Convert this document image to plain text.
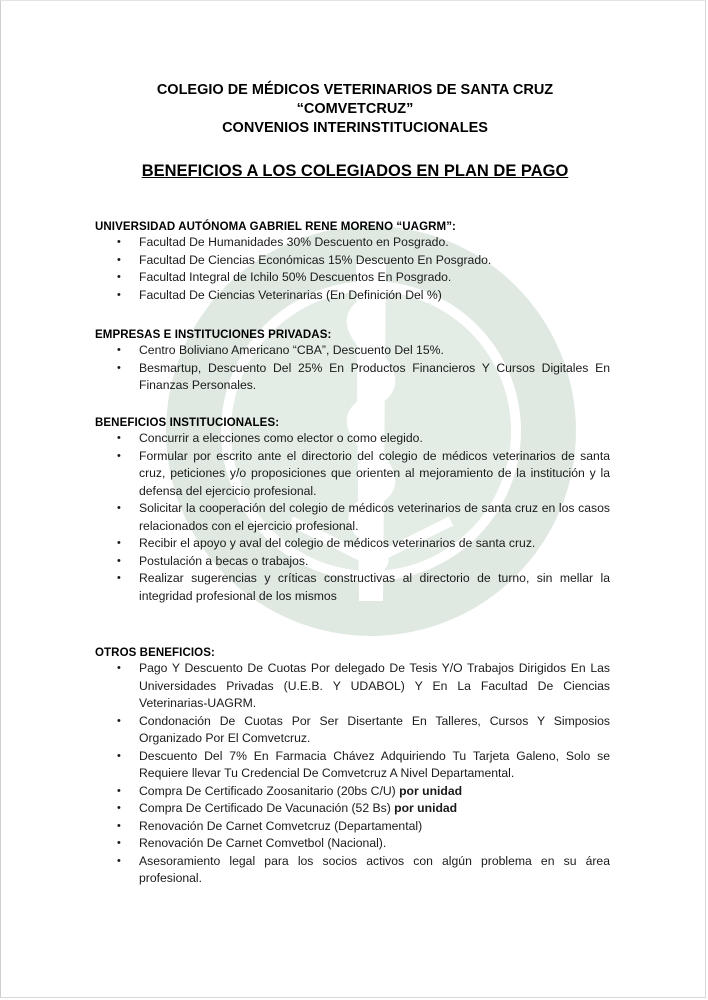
COLEGIO DE MÉDICOS VETERINARIOS DE SANTA CRUZ
“COMVETCRUZ”
CONVENIOS INTERINSTITUCIONALES
BENEFICIOS A LOS COLEGIADOS EN PLAN DE PAGO
UNIVERSIDAD AUTÓNOMA GABRIEL RENE MORENO “UAGRM”:
• Facultad De Humanidades 30% Descuento en Posgrado.
• Facultad De Ciencias Económicas 15% Descuento En Posgrado.
• Facultad Integral de Ichilo 50% Descuentos En Posgrado.
• Facultad De Ciencias Veterinarias (En Definición Del %)
EMPRESAS E INSTITUCIONES PRIVADAS:
• Centro Boliviano Americano “CBA”, Descuento Del 15%.
• Besmartup, Descuento Del 25% En Productos Financieros Y Cursos Digitales En Finanzas Personales.
BENEFICIOS INSTITUCIONALES:
• Concurrir a elecciones como elector o como elegido.
• Formular por escrito ante el directorio del colegio de médicos veterinarios de santa cruz, peticiones y/o proposiciones que orienten al mejoramiento de la institución y la defensa del ejercicio profesional.
• Solicitar la cooperación del colegio de médicos veterinarios de santa cruz en los casos relacionados con el ejercicio profesional.
• Recibir el apoyo y aval del colegio de médicos veterinarios de santa cruz.
• Postulación a becas o trabajos.
• Realizar sugerencias y críticas constructivas al directorio de turno, sin mellar la integridad profesional de los mismos
OTROS BENEFICIOS:
• Pago Y Descuento De Cuotas Por delegado De Tesis Y/O Trabajos Dirigidos En Las Universidades Privadas (U.E.B. Y UDABOL) Y En La Facultad De Ciencias Veterinarias-UAGRM.
• Condonación De Cuotas Por Ser Disertante En Talleres, Cursos Y Simposios Organizado Por El Comvetcruz.
• Descuento Del 7% En Farmacia Chávez Adquiriendo Tu Tarjeta Galeno, Solo se Requiere llevar Tu Credencial De Comvetcruz A Nivel Departamental.
• Compra De Certificado Zoosanitario (20bs C/U) por unidad
• Compra De Certificado De Vacunación (52 Bs) por unidad
• Renovación De Carnet Comvetcruz (Departamental)
• Renovación De Carnet Comvetbol (Nacional).
• Asesoramiento legal para los socios activos con algún problema en su área profesional.
